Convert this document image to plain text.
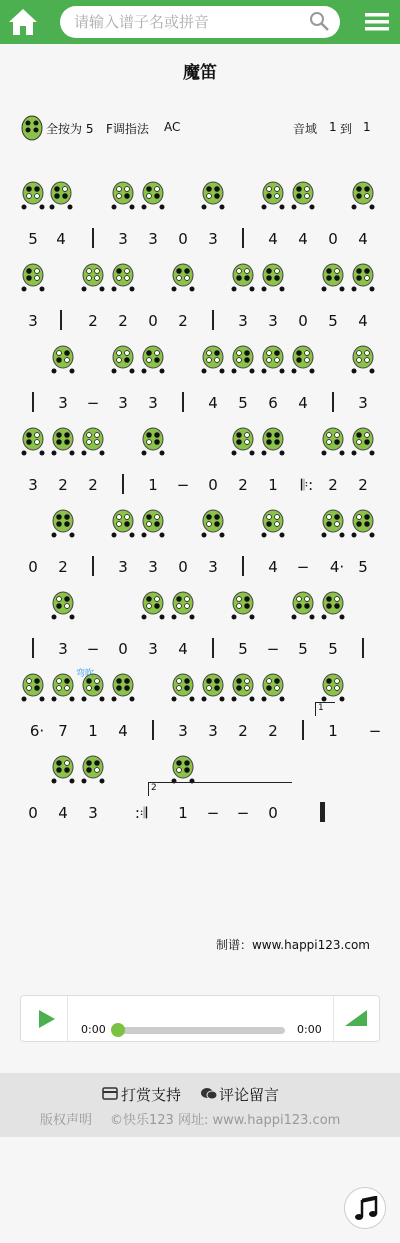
请输入谱子名或拼音
魔笛
全按为 5 F调指法 AC	音域 1 到 1
5 4	3 3 0 3	4 4 0 4
3	2 2 0 2	3 3 0 5 4
3 − 3 3	4 5 6 4	3
3 2 2	1 − 0 2 1	𝄆:	2 2
0 2	3 3 0 3	4 − 4· 5
3 − 0 3 4	5 − 5 5
6· 7 1 4	3 3 2 2	1 −
0 4 3	:𝄇	1 − − 0
1
2
弯吹
制谱：www.happi123.com
0:00	0:00
打赏支持	评论留言
版权声明 ©快乐123 网址: www.happi123.com
